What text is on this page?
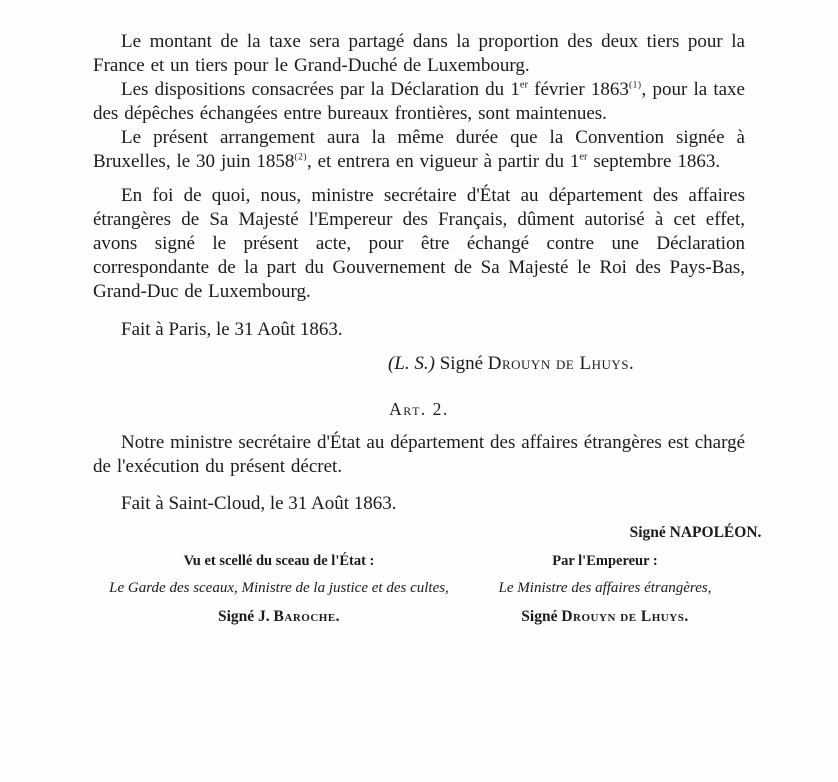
Le montant de la taxe sera partagé dans la proportion des deux tiers pour la France et un tiers pour le Grand-Duché de Luxembourg.

Les dispositions consacrées par la Déclaration du 1er février 1863$^{(1)}$, pour la taxe des dépêches échangées entre bureaux frontières, sont maintenues.

Le présent arrangement aura la même durée que la Convention signée à Bruxelles, le 30 juin 1858$^{(2)}$, et entrera en vigueur à partir du 1er septembre 1863.

En foi de quoi, nous, ministre secrétaire d'État au département des affaires étrangères de Sa Majesté l'Empereur des Français, dûment autorisé à cet effet, avons signé le présent acte, pour être échangé contre une Déclaration correspondante de la part du Gouvernement de Sa Majesté le Roi des Pays-Bas, Grand-Duc de Luxembourg.

Fait à Paris, le 31 Août 1863.

(L. S.) Signé Drouyn de Lhuys.

Art. 2.

Notre ministre secrétaire d'État au département des affaires étrangères est chargé de l'exécution du présent décret.

Fait à Saint-Cloud, le 31 Août 1863.

Signé NAPOLÉON.

Vu et scellé du sceau de l'État :

Le Garde des sceaux, Ministre de la justice et des cultes,

Signé J. Baroche.

Par l'Empereur :

Le Ministre des affaires étrangères,

Signé Drouyn de Lhuys.
